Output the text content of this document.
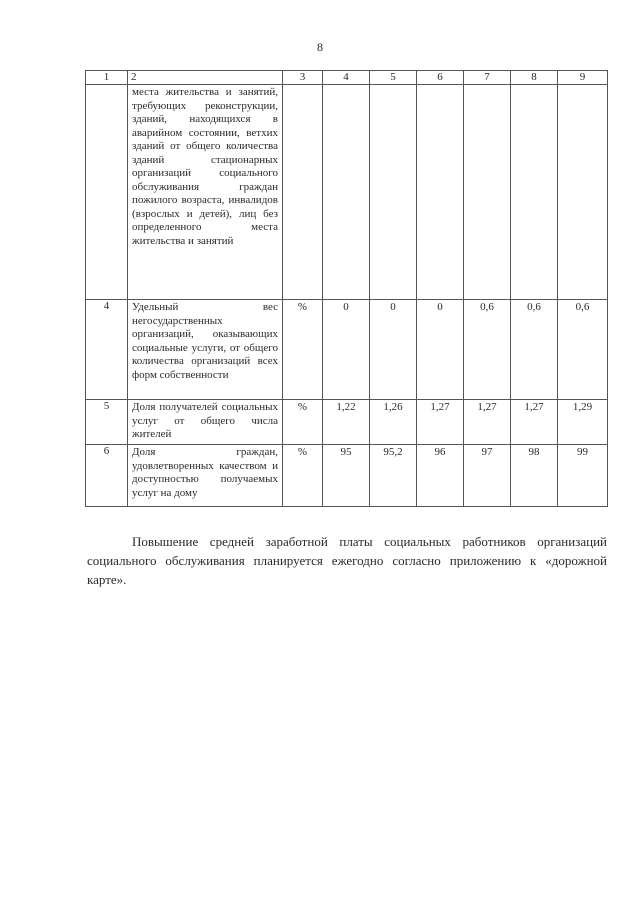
8
1	2	3	4	5	6	7	8	9
	места жительства и занятий, требующих реконструкции, зданий, находящихся в аварийном состоянии, ветхих зданий от общего количества зданий стационарных организаций социального обслуживания граждан пожилого возраста, инвалидов (взрослых и детей), лиц без определенного места жительства и занятий							
4	Удельный вес негосударственных организаций, оказывающих социальные услуги, от общего количества организаций всех форм собственности	%	0	0	0	0,6	0,6	0,6
5	Доля получателей социальных услуг от общего числа жителей	%	1,22	1,26	1,27	1,27	1,27	1,29
6	Доля граждан, удовлетворенных качеством и доступностью получаемых услуг на дому	%	95	95,2	96	97	98	99

Повышение средней заработной платы социальных работников организаций социального обслуживания планируется ежегодно согласно приложению к «дорожной карте».
